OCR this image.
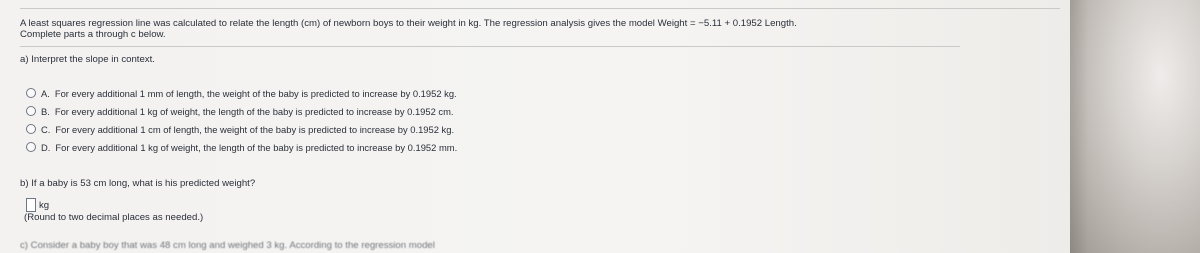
A least squares regression line was calculated to relate the length (cm) of newborn boys to their weight in kg. The regression analysis gives the model Weight = −5.11 + 0.1952 Length.
Complete parts a through c below.
a) Interpret the slope in context.
A. For every additional 1 mm of length, the weight of the baby is predicted to increase by 0.1952 kg.
B. For every additional 1 kg of weight, the length of the baby is predicted to increase by 0.1952 cm.
C. For every additional 1 cm of length, the weight of the baby is predicted to increase by 0.1952 kg.
D. For every additional 1 kg of weight, the length of the baby is predicted to increase by 0.1952 mm.
b) If a baby is 53 cm long, what is his predicted weight?
kg
(Round to two decimal places as needed.)
c) Consider a baby boy that was 48 cm long and weighed 3 kg. According to the regression model
